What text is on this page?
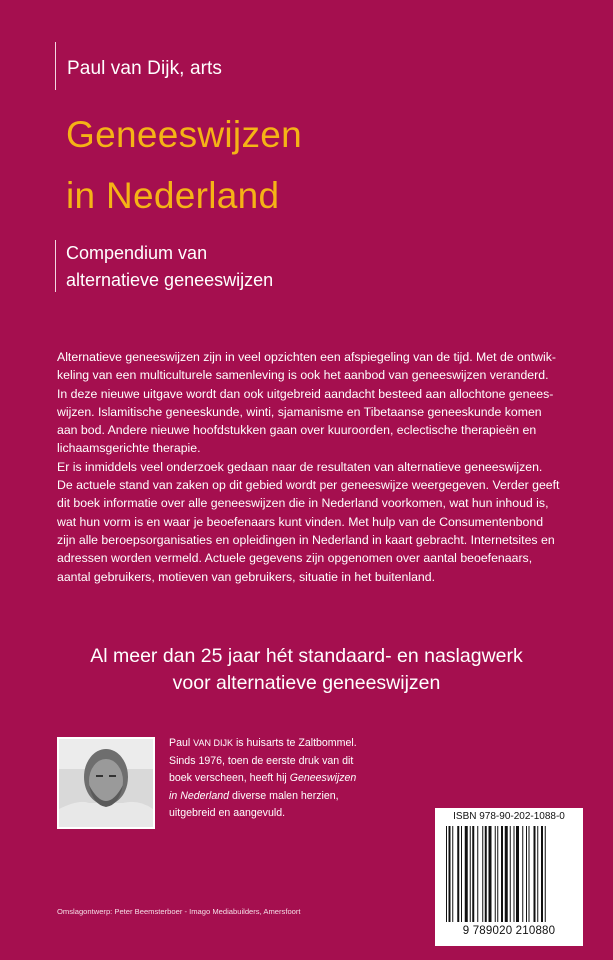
Paul van Dijk, arts
Geneeswijzen
in Nederland
Compendium van
alternatieve geneeswijzen

Alternatieve geneeswijzen zijn in veel opzichten een afspiegeling van de tijd. Met de ontwik-

keling van een multiculturele samenleving is ook het aanbod van geneeswijzen veranderd.

In deze nieuwe uitgave wordt dan ook uitgebreid aandacht besteed aan allochtone genees-

wijzen. Islamitische geneeskunde, winti, sjamanisme en Tibetaanse geneeskunde komen

aan bod. Andere nieuwe hoofdstukken gaan over kuuroorden, eclectische therapieën en

lichaamsgerichte therapie.

Er is inmiddels veel onderzoek gedaan naar de resultaten van alternatieve geneeswijzen.

De actuele stand van zaken op dit gebied wordt per geneeswijze weergegeven. Verder geeft

dit boek informatie over alle geneeswijzen die in Nederland voorkomen, wat hun inhoud is,

wat hun vorm is en waar je beoefenaars kunt vinden. Met hulp van de Consumentenbond

zijn alle beroepsorganisaties en opleidingen in Nederland in kaart gebracht. Internetsites en

adressen worden vermeld. Actuele gegevens zijn opgenomen over aantal beoefenaars,

aantal gebruikers, motieven van gebruikers, situatie in het buitenland.

Al meer dan 25 jaar hét standaard- en naslagwerk
voor alternatieve geneeswijzen
Paul VAN DIJK is huisarts te Zaltbommel.
Sinds 1976, toen de eerste druk van dit
boek verscheen, heeft hij Geneeswijzen
in Nederland diverse malen herzien,
uitgebreid en aangevuld.	ISBN 978-90-202-1088-0
9 789020 210880
Omslagontwerp: Peter Beemsterboer - Imago Mediabuilders, Amersfoort
